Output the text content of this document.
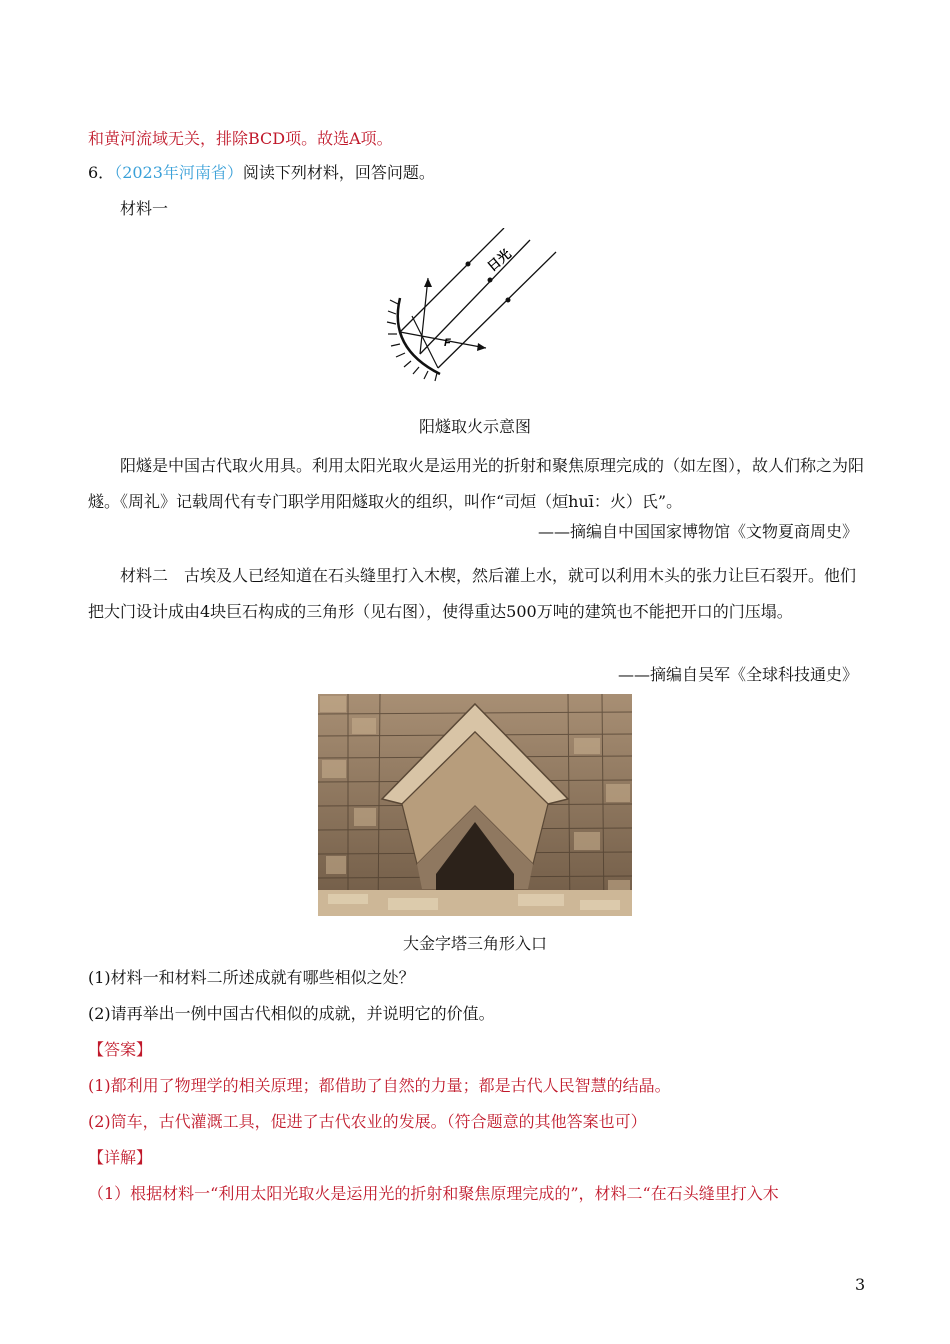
和黄河流域无关，排除BCD项。故选A项。
6．（2023年河南省）阅读下列材料，回答问题。
材料一
F
日光
阳燧取火示意图
阳燧是中国古代取火用具。利用太阳光取火是运用光的折射和聚焦原理完成的（如左图），故人们称之为阳燧。《周礼》记载周代有专门职学用阳燧取火的组织，叫作“司烜（烜huī：火）氏”。
——摘编自中国国家博物馆《文物夏商周史》
材料二　古埃及人已经知道在石头缝里打入木楔，然后灌上水，就可以利用木头的张力让巨石裂开。他们把大门设计成由4块巨石构成的三角形（见右图），使得重达500万吨的建筑也不能把开口的门压塌。
——摘编自吴军《全球科技通史》
大金字塔三角形入口
(1)材料一和材料二所述成就有哪些相似之处？
(2)请再举出一例中国古代相似的成就，并说明它的价值。
【答案】
(1)都利用了物理学的相关原理；都借助了自然的力量；都是古代人民智慧的结晶。
(2)筒车，古代灌溉工具，促进了古代农业的发展。（符合题意的其他答案也可）
【详解】
（1）根据材料一“利用太阳光取火是运用光的折射和聚焦原理完成的”，材料二“在石头缝里打入木
3
